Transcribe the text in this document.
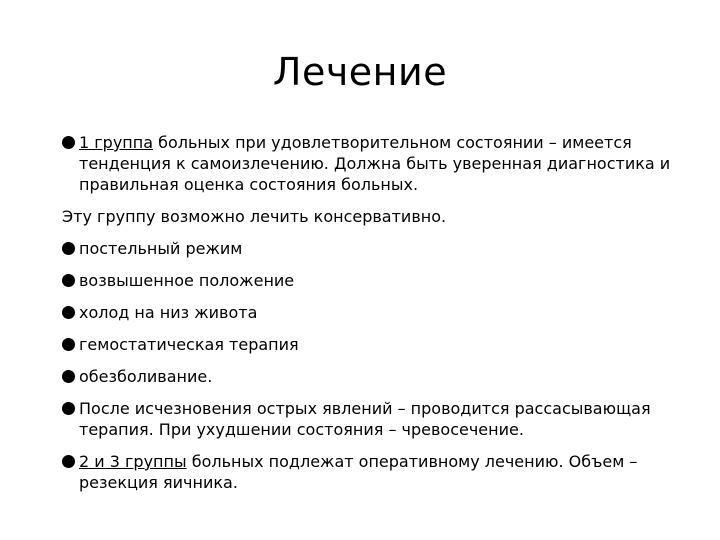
Лечение
1 группа больных при удовлетворительном состоянии – имеется тенденция к самоизлечению. Должна быть уверенная диагностика и правильная оценка состояния больных.
Эту группу возможно лечить консервативно.
постельный режим
возвышенное положение
холод на низ живота
гемостатическая терапия
обезболивание.
После исчезновения острых явлений – проводится рассасывающая терапия. При ухудшении состояния – чревосечение.
2 и 3 группы больных подлежат оперативному лечению. Объем – резекция яичника.
